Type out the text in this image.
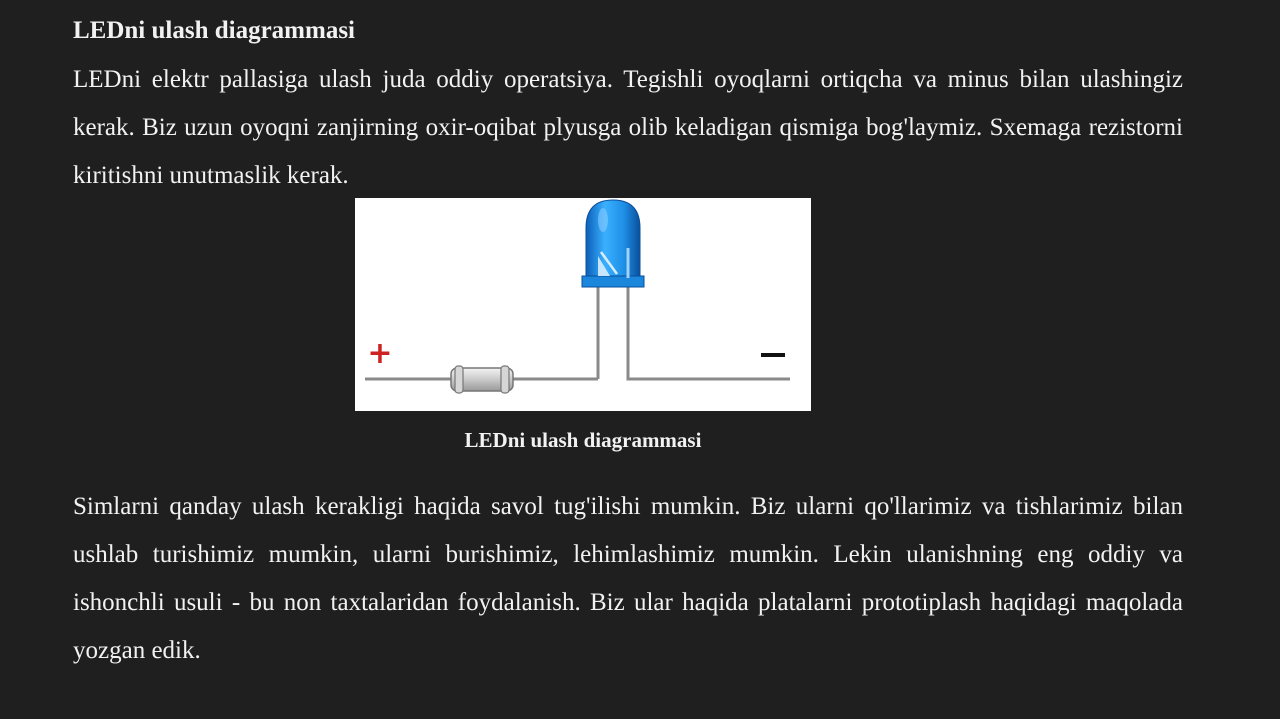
LEDni ulash diagrammasi

LEDni elektr pallasiga ulash juda oddiy operatsiya. Tegishli oyoqlarni ortiqcha va minus bilan ulashingiz kerak. Biz uzun oyoqni zanjirning oxir-oqibat plyusga olib keladigan qismiga bog'laymiz. Sxemaga rezistorni kiritishni unutmaslik kerak.

+	−
LEDni ulash diagrammasi

Simlarni qanday ulash kerakligi haqida savol tug'ilishi mumkin. Biz ularni qo'llarimiz va tishlarimiz bilan ushlab turishimiz mumkin, ularni burishimiz, lehimlashimiz mumkin. Lekin ulanishning eng oddiy va ishonchli usuli - bu non taxtalaridan foydalanish. Biz ular haqida platalarni prototiplash haqidagi maqolada yozgan edik.
